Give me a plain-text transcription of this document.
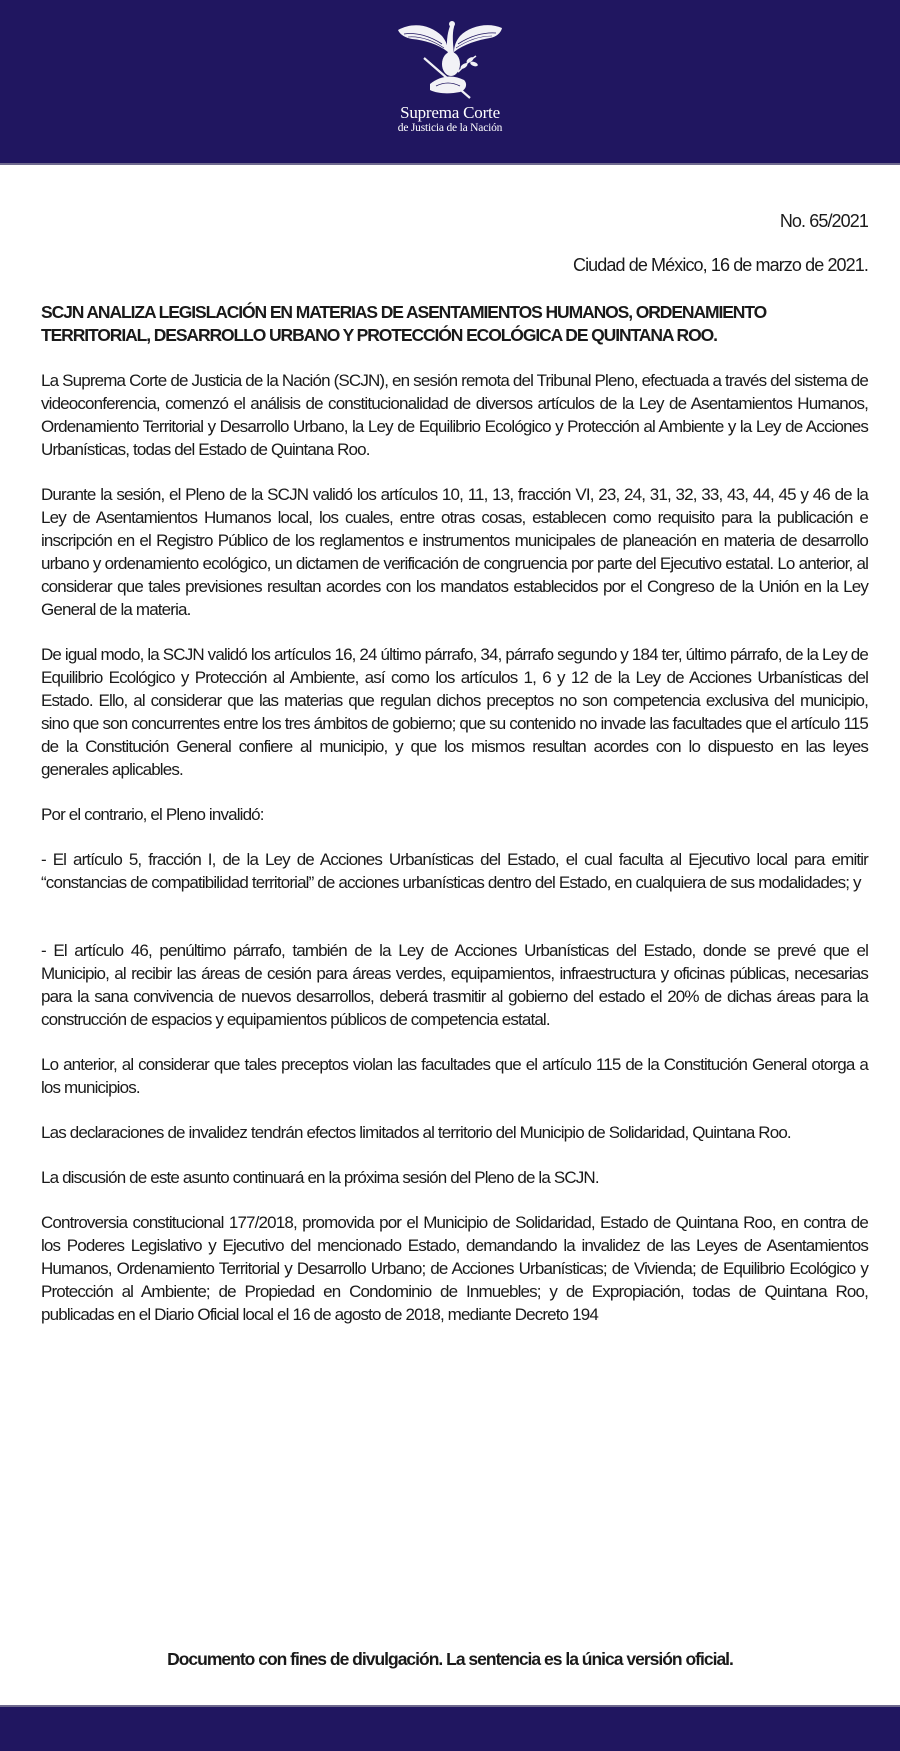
Suprema Corte
de Justicia de la Nación

No. 65/2021

Ciudad de México, 16 de marzo de 2021.

SCJN ANALIZA LEGISLACIÓN EN MATERIAS DE ASENTAMIENTOS HUMANOS, ORDENAMIENTO TERRITORIAL, DESARROLLO URBANO Y PROTECCIÓN ECOLÓGICA DE QUINTANA ROO.

La Suprema Corte de Justicia de la Nación (SCJN), en sesión remota del Tribunal Pleno, efectuada a través del sistema de videoconferencia, comenzó el análisis de constitucionalidad de diversos artículos de la Ley de Asentamientos Humanos, Ordenamiento Territorial y Desarrollo Urbano, la Ley de Equilibrio Ecológico y Protección al Ambiente y la Ley de Acciones Urbanísticas, todas del Estado de Quintana Roo.

Durante la sesión, el Pleno de la SCJN validó los artículos 10, 11, 13, fracción VI, 23, 24, 31, 32, 33, 43, 44, 45 y 46 de la Ley de Asentamientos Humanos local, los cuales, entre otras cosas, establecen como requisito para la publicación e inscripción en el Registro Público de los reglamentos e instrumentos municipales de planeación en materia de desarrollo urbano y ordenamiento ecológico, un dictamen de verificación de congruencia por parte del Ejecutivo estatal. Lo anterior, al considerar que tales previsiones resultan acordes con los mandatos establecidos por el Congreso de la Unión en la Ley General de la materia.

De igual modo, la SCJN validó los artículos 16, 24 último párrafo, 34, párrafo segundo y 184 ter, último párrafo, de la Ley de Equilibrio Ecológico y Protección al Ambiente, así como los artículos 1, 6 y 12 de la Ley de Acciones Urbanísticas del Estado. Ello, al considerar que las materias que regulan dichos preceptos no son competencia exclusiva del municipio, sino que son concurrentes entre los tres ámbitos de gobierno; que su contenido no invade las facultades que el artículo 115 de la Constitución General confiere al municipio, y que los mismos resultan acordes con lo dispuesto en las leyes generales aplicables.

Por el contrario, el Pleno invalidó:

- El artículo 5, fracción I, de la Ley de Acciones Urbanísticas del Estado, el cual faculta al Ejecutivo local para emitir “constancias de compatibilidad territorial” de acciones urbanísticas dentro del Estado, en cualquiera de sus modalidades; y

- El artículo 46, penúltimo párrafo, también de la Ley de Acciones Urbanísticas del Estado, donde se prevé que el Municipio, al recibir las áreas de cesión para áreas verdes, equipamientos, infraestructura y oficinas públicas, necesarias para la sana convivencia de nuevos desarrollos, deberá trasmitir al gobierno del estado el 20% de dichas áreas para la construcción de espacios y equipamientos públicos de competencia estatal.

Lo anterior, al considerar que tales preceptos violan las facultades que el artículo 115 de la Constitución General otorga a los municipios.

Las declaraciones de invalidez tendrán efectos limitados al territorio del Municipio de Solidaridad, Quintana Roo.

La discusión de este asunto continuará en la próxima sesión del Pleno de la SCJN.

Controversia constitucional 177/2018, promovida por el Municipio de Solidaridad, Estado de Quintana Roo, en contra de los Poderes Legislativo y Ejecutivo del mencionado Estado, demandando la invalidez de las Leyes de Asentamientos Humanos, Ordenamiento Territorial y Desarrollo Urbano; de Acciones Urbanísticas; de Vivienda; de Equilibrio Ecológico y Protección al Ambiente; de Propiedad en Condominio de Inmuebles; y de Expropiación, todas de Quintana Roo, publicadas en el Diario Oficial local el 16 de agosto de 2018, mediante Decreto 194

Documento con fines de divulgación. La sentencia es la única versión oficial.
